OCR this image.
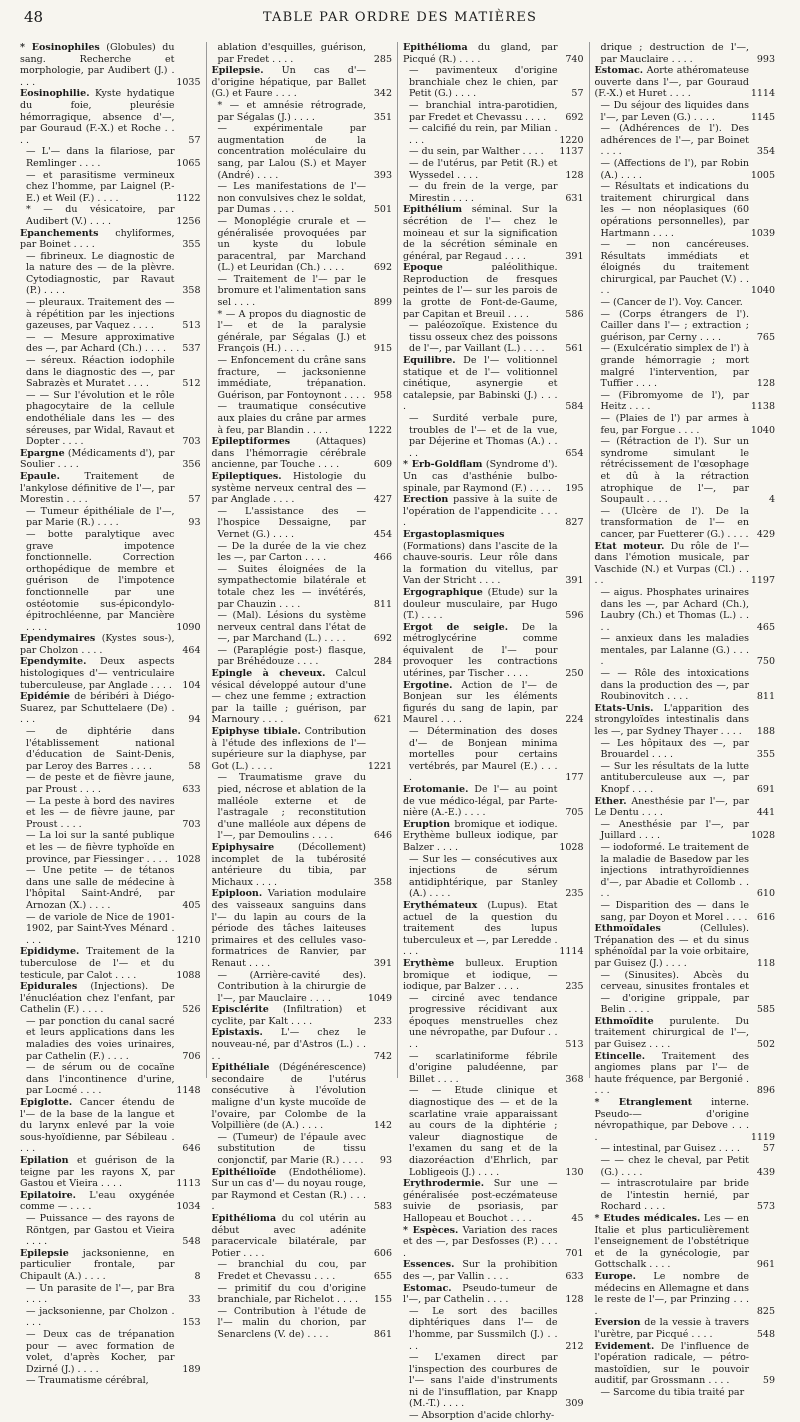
48	TABLE PAR ORDRE DES MATIÈRES

* Eosinophiles (Globules) du sang. Recherche et morphologie, par Audibert (J.) . . . .	1035

Eosinophilie. Kyste hydatique du foie, pleurésie hémorragique, absence d'—, par Gouraud (F.-X.) et Roche . . . .	57

— L'— dans la filariose, par Remlinger . . . .	1065

— et parasitisme vermineux chez l'homme, par Laignel (P.-E.) et Weil (F.) . . . .	1122

* — du vésicatoire, par Audibert (V.) . . . .	1256

Epanchements chyliformes, par Boinet . . . .	355

— fibrineux. Le diagnostic de la nature des — de la plèvre. Cytodiagnostic, par Ravaut (P.) . . . .	358

— pleuraux. Traitement des — à répétition par les injections gazeuses, par Vaquez . . . .	513

— — Mesure approximative des —, par Achard (Ch.) . . . . 537

— séreux. Réaction iodophile dans le diagnostic des —, par Sabrazès et Muratet . . . .	512

— — Sur l'évolution et le rôle phagocytaire de la cellule endothéliale dans les — des séreuses, par Widal, Ravaut et Dopter . . . .	703

Epargne (Médicaments d'), par Soulier . . . .	356

Epaule. Traitement de l'ankylose définitive de l'—, par Morestin . . . .	57

— Tumeur épithéliale de l'—, par Marie (R.) . . . .	93

— botte paralytique avec grave impotence fonctionnelle. Correction orthopédique de membre et guérison de l'impotence fonctionnelle par une ostéotomie sus-épicondylo-épitrochléenne, par Mancière . . . .	1090

Ependymaires (Kystes sous-), par Cholzon . . . .	464

Ependymite. Deux aspects histologiques d'— ventriculaire tuberculeuse, par Anglade . . . . 104

Epidémie de béribéri à Diégo-Suarez, par Schuttelaere (De) . . . .	94

— de diphtérie dans l'établissement national d'éducation de Saint-Denis, par Leroy des Barres . . . .	58

— de peste et de fièvre jaune, par Proust . . . .	633

— La peste à bord des navires et les — de fièvre jaune, par Proust . . . .	703

— La loi sur la santé publique et les — de fièvre typhoïde en province, par Fiessinger . . . . 1028

— Une petite — de tétanos dans une salle de médecine à l'hôpital Saint-André, par Arnozan (X.) . . . .	405

— de variole de Nice de 1901-1902, par Saint-Yves Ménard . . . .	1210

Epididyme. Traitement de la tuberculose de l'— et du testicule, par Calot . . . .	1088

Epidurales (Injections). De l'énucléation chez l'enfant, par Cathelin (F.) . . . .	526

— par ponction du canal sacré et leurs applications dans les maladies des voies urinaires, par Cathelin (F.) . . . .	706

— de sérum ou de cocaïne dans l'incontinence d'urine, par Locmé . . . .	1148

Epiglotte. Cancer étendu de l'— de la base de la langue et du larynx enlevé par la voie sous-hyoïdienne, par Sébileau . . . .	646

Epilation et guérison de la teigne par les rayons X, par Gastou et Vieira . . . .	1113

Epilatoire. L'eau oxygénée comme — . . . .	1034

— Puissance — des rayons de Röntgen, par Gastou et Vieira . . . .	548

Epilepsie jacksonienne, en particulier frontale, par Chipault (A.) . . . .	8

— Un parasite de l'—, par Bra . . . .	33

— jacksonienne, par Cholzon . . . .	153

— Deux cas de trépanation pour — avec formation de volet, d'après Kocher, par Dzirné (J.) . . . .	189

— Traumatisme cérébral,

ablation d'esquilles, guérison, par Fredet . . . .	285

Epilepsie. Un cas d'— d'origine hépatique, par Ballet (G.) et Faure . . . .	342

* — et amnésie rétrograde, par Ségalas (J.) . . . .	351

— expérimentale par augmentation de la concentration moléculaire du sang, par Lalou (S.) et Mayer (André) . . . .	393

— Les manifestations de l'— non convulsives chez le soldat, par Dumas . . . .	501

— Monoplégie crurale et — généralisée provoquées par un kyste du lobule paracentral, par Marchand (L.) et Leuridan (Ch.) . . . .	692

— Traitement de l'— par le bromure et l'alimentation sans sel . . . .	899

* — A propos du diagnostic de l'— et de la paralysie générale, par Ségalas (J.) et François (H.) . . . .	915

— Enfoncement du crâne sans fracture, — jacksonienne immédiate, trépanation. Guérison, par Fontoynont . . . . 958

— traumatique consécutive aux plaies du crâne par armes à feu, par Blandin . . . .	1222

Epileptiformes (Attaques) dans l'hémorragie cérébrale ancienne, par Touche . . . .	609

Epileptiques. Histologie du système nerveux central des — par Anglade . . . .	427

— L'assistance des — l'hospice Dessaigne, par Vernet (G.) . . . .	454

— De la durée de la vie chez les —, par Carton . . . .	466

— Suites éloignées de la sympathectomie bilatérale et totale chez les — invétérés, par Chauzin . . . .	811

— (Mal). Lésions du système nerveux central dans l'état de —, par Marchand (L.) . . . .	692

— (Paraplégie post-) flasque, par Bréhédouze . . . .	284

Epingle à cheveux. Calcul vésical développé autour d'une — chez une femme ; extraction par la taille ; guérison, par Marnoury . . . .	621

Epiphyse tibiale. Contribution à l'étude des inflexions de l'— supérieure sur la diaphyse, par Got (L.) . . . .	1221

— Traumatisme grave du pied, nécrose et ablation de la malléole externe et de l'astragale ; reconstitution d'une malléole aux dépens de l'—, par Demoulins . . . .	646

Epiphysaire (Décollement) incomplet de la tubérosité antérieure du tibia, par Michaux . . . .	358

Epiploon. Variation modulaire des vaisseaux sanguins dans l'— du lapin au cours de la période des tâches laiteuses primaires et des cellules vaso-formatrices de Ranvier, par Renaut . . . .	391

— (Arrière-cavité des). Contribution à la chirurgie de l'—, par Mauclaire . . . .	1049

Episclérite (Infiltration) et cyclite, par Kalt . . . .	233

Epistaxis. L'— chez le nouveau-né, par d'Astros (L.) . . . .	742

Epithéliale (Dégénérescence) secondaire de l'utérus consécutive à l'évolution maligne d'un kyste mucoïde de l'ovaire, par Colombe de la Volpillière (de (A.) . . . .	142

— (Tumeur) de l'épaule avec substitution de tissu conjonctif, par Marie (R.) . . . . 93

Epithélioïde (Endothéliome). Sur un cas d'— du noyau rouge, par Raymond et Cestan (R.) . . . .	583

Epithélioma du col utérin au début avec adénite paracervicale bilatérale, par Potier . . . .	606

— branchial du cou, par Fredet et Chevassu . . . .	655

— primitif du cou d'origine branchiale, par Richelot . . . . 155

— Contribution à l'étude de l'— malin du chorion, par Senarclens (V. de) . . . .	861

Epithélioma du gland, par Picqué (R.) . . . .	740

— pavimenteux d'origine branchiale chez le chien, par Petit (G.) . . . .	57

— branchial intra-parotidien, par Fredet et Chevassu . . . . 692

— calcifié du rein, par Milian . . . .	1220

— du sein, par Walther . . . . 1137

— de l'utérus, par Petit (R.) et Wyssedel . . . .	128

— du frein de la verge, par Mirestin . . . .	631

Epithélium séminal. Sur la sécrétion de l'— chez le moineau et sur la signification de la sécrétion séminale en général, par Regaud . . . .	391

Epoque paléolithique. Reproduction de fresques peintes de l'— sur les parois de la grotte de Font-de-Gaume, par Capitan et Breuil . . . .	586

— paléozoïque. Existence du tissu osseux chez des poissons de l'—, par Vaillant (L.) . . . . 561

Equilibre. De l'— volitionnel statique et de l'— volitionnel cinétique, asynergie et catalepsie, par Babinski (J.) . . . .	584

— Surdité verbale pure, troubles de l'— et de la vue, par Déjerine et Thomas (A.) . . . .	654

* Erb-Goldflam (Syndrome d'). Un cas d'asthénie bulbo-spinale, par Raymond (F.) . . . . 195

Erection passive à la suite de l'opération de l'appendicite . . . .	827

Ergastoplasmiques (Formations) dans l'ascite de la chauve-souris. Leur rôle dans la formation du vitellus, par Van der Stricht . . . .	391

Ergographique (Etude) sur la douleur musculaire, par Hugo (T.) . . . .	596

Ergot de seigle. De la métroglycérine comme équivalent de l'— pour provoquer les contractions utérines, par Tischer . . . .	250

Ergotine. Action de l'— de Bonjean sur les éléments figurés du sang de lapin, par Maurel . . . .	224

— Détermination des doses d'— de Bonjean minima mortelles pour certains vertébrés, par Maurel (E.) . . . .	177

Erotomanie. De l'— au point de vue médico-légal, par Parte-nière (A.-E.) . . . .	705

Eruption bromique et iodique. Erythème bulleux iodique, par Balzer . . . .	1028

— Sur les — consécutives aux injections de sérum antidiphtérique, par Stanley (A.) . . . .	235

Erythémateux (Lupus). Etat actuel de la question du traitement des lupus tuberculeux et —, par Leredde . . . .	1114

Erythème bulleux. Eruption bromique et iodique, — iodique, par Balzer . . . .	235

— circiné avec tendance progressive récidivant aux époques menstruelles chez une névropathe, par Dufour . . . .	513

— scarlatiniforme fébrile d'origine paludéenne, par Billet . . . .	368

— — Etude clinique et diagnostique des — et de la scarlatine vraie apparaissant au cours de la diphtérie ; valeur diagnostique de l'examen du sang et de la diazoréaction d'Ehrlich, par Lobligeois (J.) . . . .	130

Erythrodermie. Sur une — généralisée post-eczémateuse suivie de psoriasis, par Hallopeau et Bouchot . . . .	45

* Espèces. Variation des races et des —, par Desfosses (P.) . . . .	701

Essences. Sur la prohibition des —, par Vallin . . . .	633

Estomac. Pseudo-tumeur de l'—, par Cathelin . . . .	128

— Le sort des bacilles diphtériques dans l'— de l'homme, par Sussmilch (J.) . . . .	212

— L'examen direct par l'inspection des courbures de l'— sans l'aide d'instruments ni de l'insufflation, par Knapp (M.-T.) . . . .	309

— Absorption d'acide chlorhy-

drique ; destruction de l'—, par Mauclaire . . . .	993

Estomac. Aorte athéromateuse ouverte dans l'—, par Gouraud (F.-X.) et Huret . . . .	1114

— Du séjour des liquides dans l'—, par Leven (G.) . . . .	1145

— (Adhérences de l'). Des adhérences de l'—, par Boinet . . . .	354

— (Affections de l'), par Robin (A.) . . . .	1005

— Résultats et indications du traitement chirurgical dans les — non néoplasiques (60 opérations personnelles), par Hartmann . . . .	1039

— — non cancéreuses. Résultats immédiats et éloignés du traitement chirurgical, par Pauchet (V.) . . . .	1040

— (Cancer de l'). Voy. Cancer.

— (Corps étrangers de l'). Cailler dans l'— ; extraction ; guérison, par Cerny . . . .	765

— (Exulcératio simplex de l') à grande hémorragie ; mort malgré l'intervention, par Tuffier . . . .	128

— (Fibromyome de l'), par Heitz . . . .	1138

— (Plaies de l') par armes à feu, par Forgue . . . .	1040

— (Rétraction de l'). Sur un syndrome simulant le rétrécissement de l'œsophage et dû à la rétraction atrophique de l'—, par Soupault . . . .	4

— (Ulcère de l'). De la transformation de l'— en cancer, par Fuetterer (G.) . . . . 429

Etat moteur. Du rôle de l'— dans l'émotion musicale, par Vaschide (N.) et Vurpas (Cl.) . . . .	1197

— aigus. Phosphates urinaires dans les —, par Achard (Ch.), Laubry (Ch.) et Thomas (L.) . . . .	465

— anxieux dans les maladies mentales, par Lalanne (G.) . . . .	750

— — Rôle des intoxications dans la production des —, par Roubinovitch . . . .	811

Etats-Unis. L'apparition des strongyloïdes intestinalis dans les —, par Sydney Thayer . . . . 188

— Les hôpitaux des —, par Brouardel . . . .	355

— Sur les résultats de la lutte antituberculeuse aux —, par Knopf . . . .	691

Ether. Anesthésie par l'—, par Le Dentu . . . .	441

— Anesthésie par l'—, par Juillard . . . .	1028

— iodoformé. Le traitement de la maladie de Basedow par les injections intrathyroïdiennes d'—, par Abadie et Collomb . . . .	610

— Disparition des — dans le sang, par Doyon et Morel . . . . 616

Ethmoïdales (Cellules). Trépanation des — et du sinus sphénoïdal par la voie orbitaire, par Guisez (J.) . . . .	118

— (Sinusites). Abcès du cerveau, sinusites frontales et — d'origine grippale, par Belin . . . .	585

Ethmoïdite purulente. Du traitement chirurgical de l'—, par Guisez . . . .	502

Etincelle. Traitement des angiomes plans par l'— de haute fréquence, par Bergonié . . . .	896

* Etranglement interne. Pseudo-— d'origine névropathique, par Debove . . . .	1119

— intestinal, par Guisez . . . . 57

— — chez le cheval, par Petit (G.) . . . .	439

— intrascrotulaire par bride de l'intestin hernié, par Rochard . . . .	573

* Etudes médicales. Les — en Italie et plus particulièrement l'enseignement de l'obstétrique et de la gynécologie, par Gottschalk . . . .	961

Europe. Le nombre de médecins en Allemagne et dans le reste de l'—, par Prinzing . . . .	825

Eversion de la vessie à travers l'urètre, par Picqué . . . .	548

Evidement. De l'influence de l'opération radicale, — pétro-mastoïdien, sur le pouvoir auditif, par Grossmann . . . .	59

— Sarcome du tibia traité par
